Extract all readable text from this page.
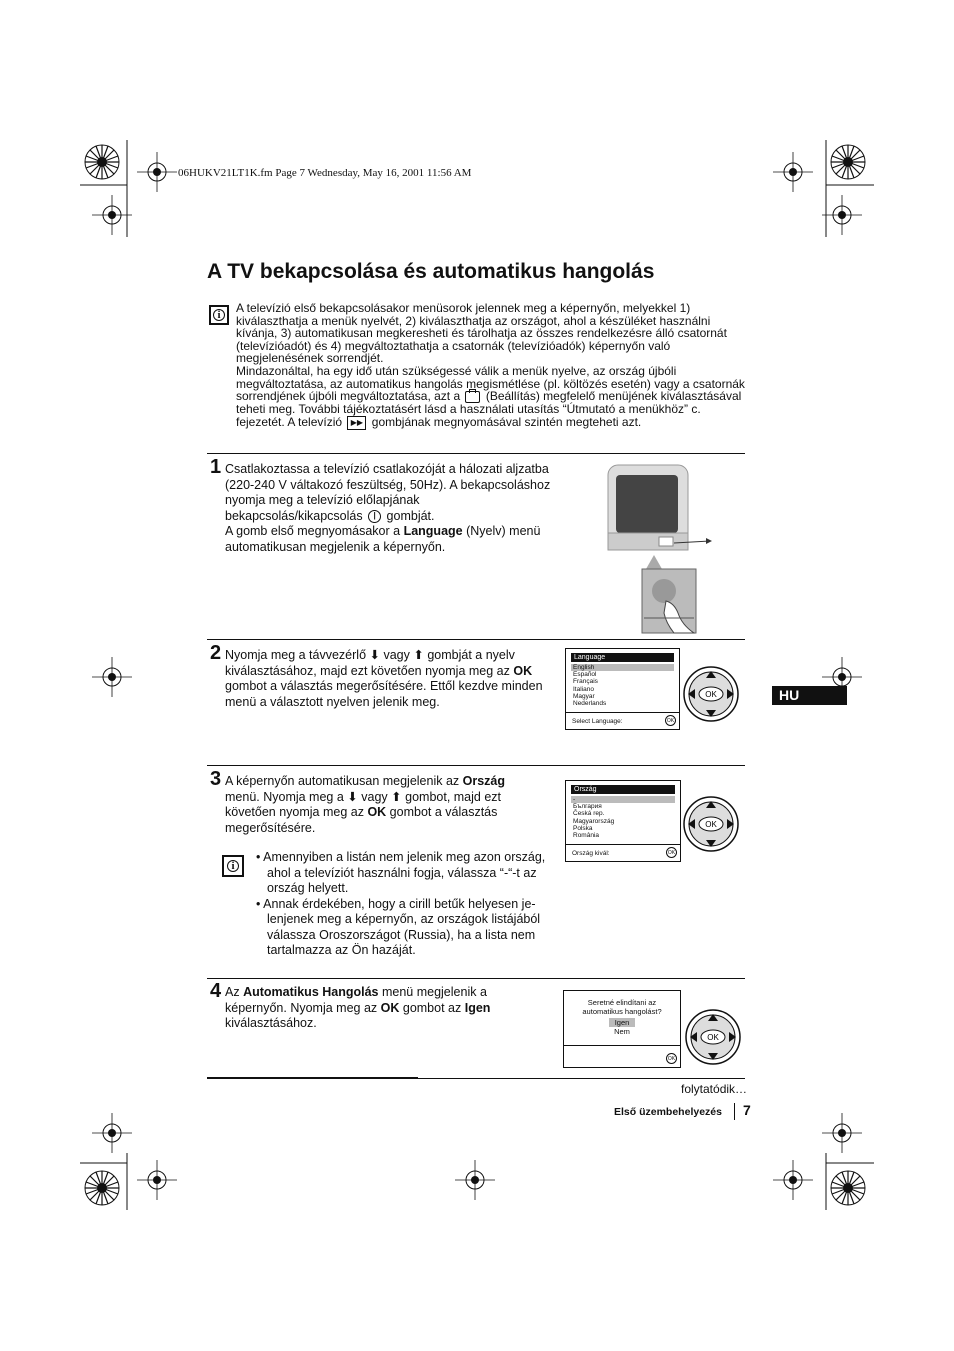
06HUKV21LT1K.fm Page 7 Wednesday, May 16, 2001 11:56 AM
A TV bekapcsolása és automatikus hangolás
i A televízió első bekapcsolásakor menüsorok jelennek meg a képernyőn, melyekkel 1) kiválaszthatja a menük nyelvét, 2) kiválaszthatja az országot, ahol a készüléket használni kívánja, 3) automatikusan megkeresheti és tárolhatja az összes rendelkezésre álló csatornát (televízióadót) és 4) megváltoztathatja a csatornák (televízióadók) képernyőn való megjelenésének sorrendjét.
Mindazonáltal, ha egy idő után szükségessé válik a menük nyelve, az ország újbóli megváltoztatása, az automatikus hangolás megismétlése (pl. költözés esetén) vagy a csatornák sorrendjének újbóli megváltoztatása, azt a (Beállítás) megfelelő menüjének kiválasztásával teheti meg. További tájékoztatásért lásd a használati utasítás “Útmutató a menükhöz” c. fejezetét. A televízió ▶▶ gombjának megnyomásával szintén megteheti azt.
1 Csatlakoztassa a televízió csatlakozóját a hálozati aljzatba (220-240 V váltakozó feszültség, 50Hz). A bekapcsoláshoz nyomja meg a televízió előlapjának bekapcsolás/kikapcsolás | gombját.

A gomb első megnyomásakor a Language (Nyelv) menü automatikusan megjelenik a képernyőn.

2 Nyomja meg a távvezérlő ⬇ vagy ⬆ gombját a nyelv kiválasztásához, majd ezt követően nyomja meg az OK gombot a választás megerősítésére. Ettől kezdve minden menü a választott nyelven jelenik meg.

Language
English
Español
Français
Italiano
Magyar
Nederlands
Select Language:	OK
OK	HU
3 A képernyőn automatikusan megjelenik az Ország menü. Nyomja meg a ⬇ vagy ⬆ gombot, majd ezt követően nyomja meg az OK gombot a választás megerősítésére.

i
• Amennyiben a listán nem jelenik meg azon ország, ahol a televíziót használni fogja, válassza “-“-t az ország helyett.
• Annak érdekében, hogy a cirill betűk helyesen je-lenjenek meg a képernyőn, az országok listájából válassza Oroszországot (Russia), ha a lista nem tartalmazza az Ön hazáját.
Ország
-
България
Česká rep.
Magyarország
Polska
România
Ország kivál:	OK
OK
4 Az Automatikus Hangolás menü megjelenik a képernyőn. Nyomja meg az OK gombot az Igen kiválasztásához.

Seretné elindítani az automatikus hangolást?
Igen
Nem
OK
OK
folytatódik…
Első üzembehelyezés 7
